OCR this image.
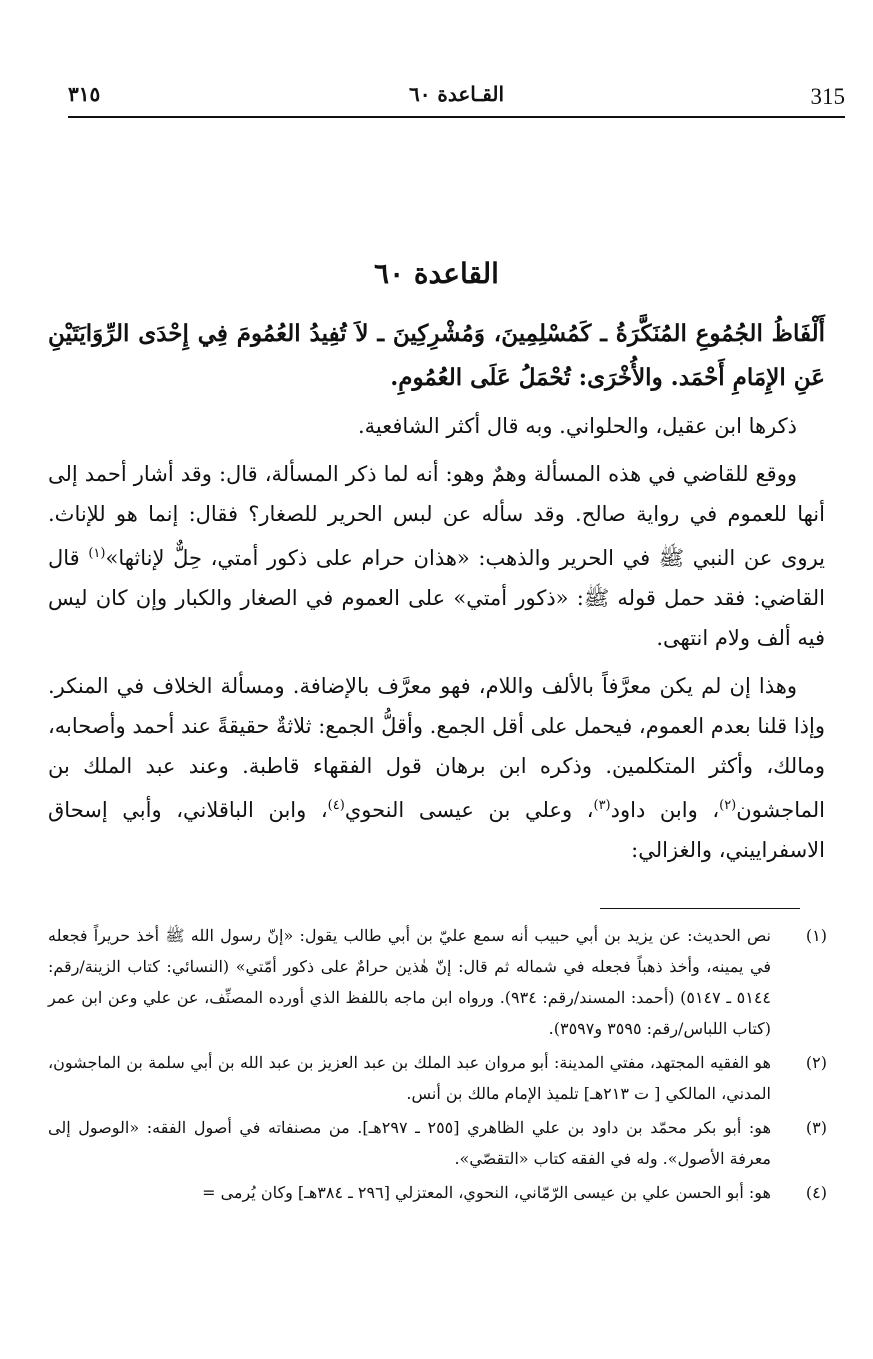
315
القـاعدة ٦٠
٣١٥
القاعدة ٦٠
أَلْفَاظُ الجُمُوعِ المُنَكَّرَةُ ـ كَمُسْلِمِينَ، وَمُشْرِكِينَ ـ لاَ تُفِيدُ العُمُومَ فِي إِحْدَى الرِّوَايَتَيْنِ عَنِ الإِمَامِ أَحْمَد. والأُخْرَى: تُحْمَلُ عَلَى العُمُومِ.

ذكرها ابن عقيل، والحلواني. وبه قال أكثر الشافعية.

ووقع للقاضي في هذه المسألة وهمٌ وهو: أنه لما ذكر المسألة، قال: وقد أشار أحمد إلى أنها للعموم في رواية صالح. وقد سأله عن لبس الحرير للصغار؟ فقال: إنما هو للإناث. يروى عن النبي ﷺ في الحرير والذهب: «هذان حرام على ذكور أمتي، حِلٌّ لإناثها»$^{(١)}$ قال القاضي: فقد حمل قوله ﷺ: «ذكور أمتي» على العموم في الصغار والكبار وإن كان ليس فيه ألف ولام انتهى.

وهذا إن لم يكن معرَّفاً بالألف واللام، فهو معرَّف بالإضافة. ومسألة الخلاف في المنكر. وإذا قلنا بعدم العموم، فيحمل على أقل الجمع. وأقلُّ الجمع: ثلاثةٌ حقيقةً عند أحمد وأصحابه، ومالك، وأكثر المتكلمين. وذكره ابن برهان قول الفقهاء قاطبة. وعند عبد الملك بن الماجشون$^{(٢)}$، وابن داود$^{(٣)}$، وعلي بن عيسى النحوي$^{(٤)}$، وابن الباقلاني، وأبي إسحاق الاسفراييني، والغزالي:

(١)
نص الحديث: عن يزيد بن أبي حبيب أنه سمع عليّ بن أبي طالب يقول: «إنّ رسول الله ﷺ أخذ حريراً فجعله في يمينه، وأخذ ذهباً فجعله في شماله ثم قال: إنّ هٰذين حرامٌ على ذكور أمّتي» (النسائي: كتاب الزينة/رقم: ٥١٤٤ ـ ٥١٤٧) (أحمد: المسند/رقم: ٩٣٤). ورواه ابن ماجه باللفظ الذي أورده المصنِّف، عن علي وعن ابن عمر (كتاب اللباس/رقم: ٣٥٩٥ و٣٥٩٧).
(٢)
هو الفقيه المجتهد، مفتي المدينة: أبو مروان عبد الملك بن عبد العزيز بن عبد الله بن أبي سلمة بن الماجشون، المدني، المالكي [ ت ٢١٣هـ] تلميذ الإمام مالك بن أنس.
(٣)
هو: أبو بكر محمّد بن داود بن علي الظاهري [٢٥٥ ـ ٢٩٧هـ]. من مصنفاته في أصول الفقه: «الوصول إلى معرفة الأصول». وله في الفقه كتاب «التقصّي».
(٤)
هو: أبو الحسن علي بن عيسى الرّمّاني، النحوي، المعتزلي [٢٩٦ ـ ٣٨٤هـ] وكان يُرمى =
